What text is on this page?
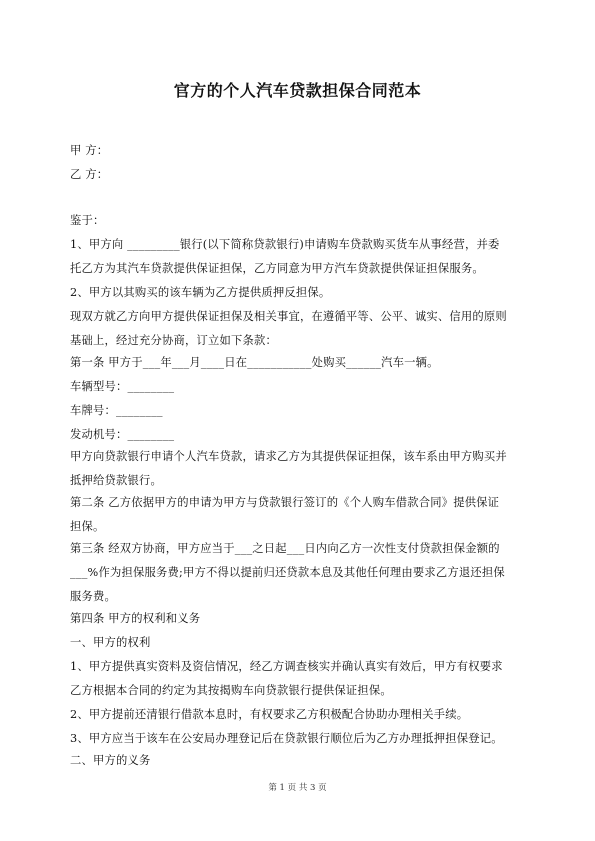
官方的个人汽车贷款担保合同范本
甲 方：
乙 方：
鉴于：
1、甲方向 _________银行(以下简称贷款银行)申请购车贷款购买货车从事经营，并委
托乙方为其汽车贷款提供保证担保，乙方同意为甲方汽车贷款提供保证担保服务。
2、甲方以其购买的该车辆为乙方提供质押反担保。
现双方就乙方向甲方提供保证担保及相关事宜，在遵循平等、公平、诚实、信用的原则
基础上，经过充分协商，订立如下条款：
第一条 甲方于___年___月____日在___________处购买______汽车一辆。
车辆型号：________
车牌号：________
发动机号：________
甲方向贷款银行申请个人汽车贷款，请求乙方为其提供保证担保，该车系由甲方购买并
抵押给贷款银行。
第二条 乙方依据甲方的申请为甲方与贷款银行签订的《个人购车借款合同》提供保证
担保。
第三条 经双方协商，甲方应当于___之日起___日内向乙方一次性支付贷款担保金额的
___%作为担保服务费;甲方不得以提前归还贷款本息及其他任何理由要求乙方退还担保
服务费。
第四条 甲方的权利和义务
一、甲方的权利
1、甲方提供真实资料及资信情况，经乙方调查核实并确认真实有效后，甲方有权要求
乙方根据本合同的约定为其按揭购车向贷款银行提供保证担保。
2、甲方提前还清银行借款本息时，有权要求乙方积极配合协助办理相关手续。
3、甲方应当于该车在公安局办理登记后在贷款银行顺位后为乙方办理抵押担保登记。
二、甲方的义务
第 1 页 共 3 页
